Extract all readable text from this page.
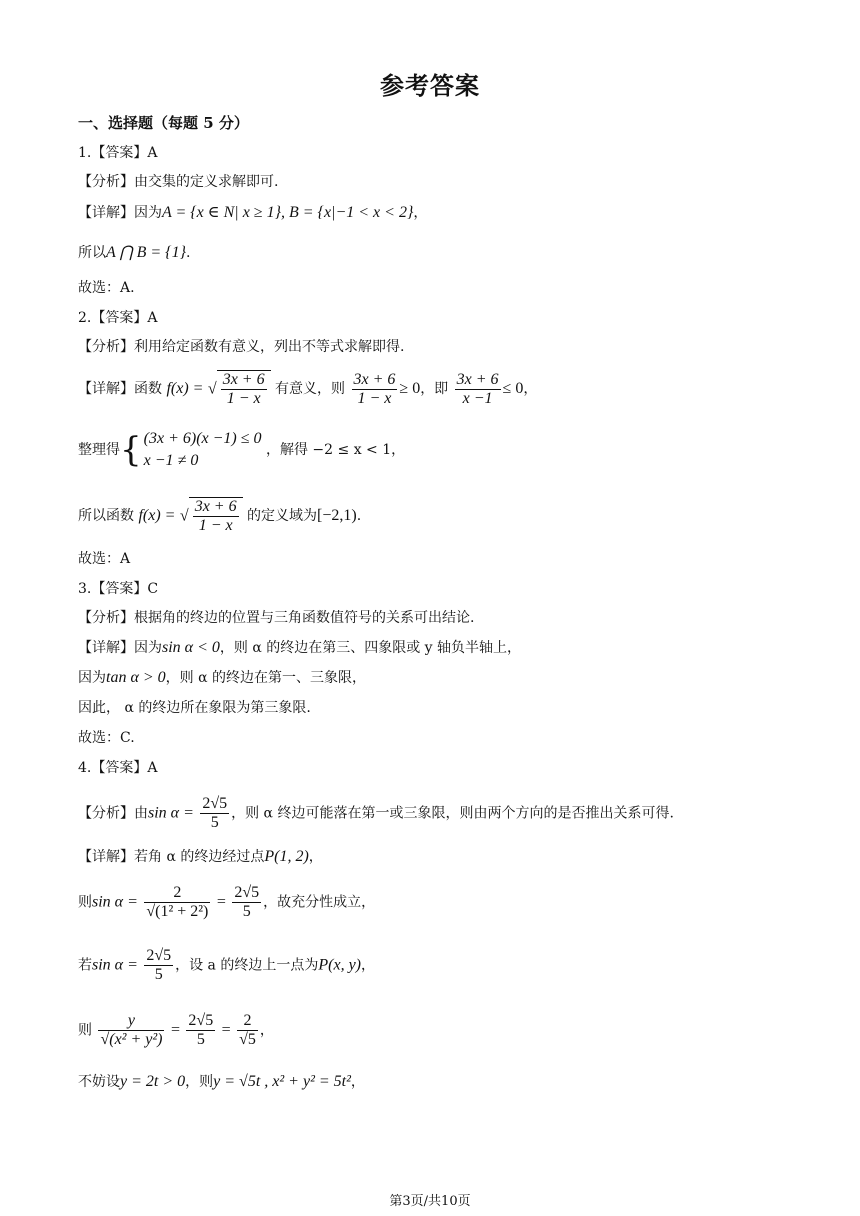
参考答案
一、选择题（每题 5 分）
1.【答案】A
【分析】由交集的定义求解即可.
【详解】因为A = {x ∈ N| x ≥ 1}, B = {x|−1 < x < 2}，
所以A ⋂ B = {1}.
故选：A.
2.【答案】A
【分析】利用给定函数有意义，列出不等式求解即得.
【详解】函数 f(x) = √ $\frac{3x + 6}{1 - x}$ 有意义，则 $\frac{3x + 6}{1 - x} \ge 0$，即 $\frac{3x + 6}{x -1} \le 0$，
整理得{ (3x + 6)(x −1) ≤ 0
x −1 ≠ 0
，解得 −2 ≤ x < 1，
所以函数 f(x) = √ $\frac{3x + 6}{1 - x}$ 的定义域为[−2,1).
故选：A
3.【答案】C
【分析】根据角的终边的位置与三角函数值符号的关系可出结论.
【详解】因为sin α < 0，则 α 的终边在第三、四象限或 y 轴负半轴上，
因为tan α > 0，则 α 的终边在第一、三象限，
因此， α 的终边所在象限为第三象限.
故选：C.
4.【答案】A
【分析】由$\sin \alpha = \frac{2√5}{5}$ ，则 α 终边可能落在第一或三象限，则由两个方向的是否推出关系可得.
【详解】若角 α 的终边经过点P(1, 2)，
则$\sin \alpha = \frac{2}{\text{√(1² + 2²)}} = \frac{2√5}{5}$ ，故充分性成立，
若$\sin \alpha = \frac{2√5}{5}$ ，设 a 的终边上一点为P(x, y)，
则 $\frac{y}{\text{√(x² + y²)}} = \frac{2√5}{5} = \frac{2}{√5}$ ，
不妨设y = 2t > 0，则y = √5t , x² + y² = 5t²，
第3页/共10页
